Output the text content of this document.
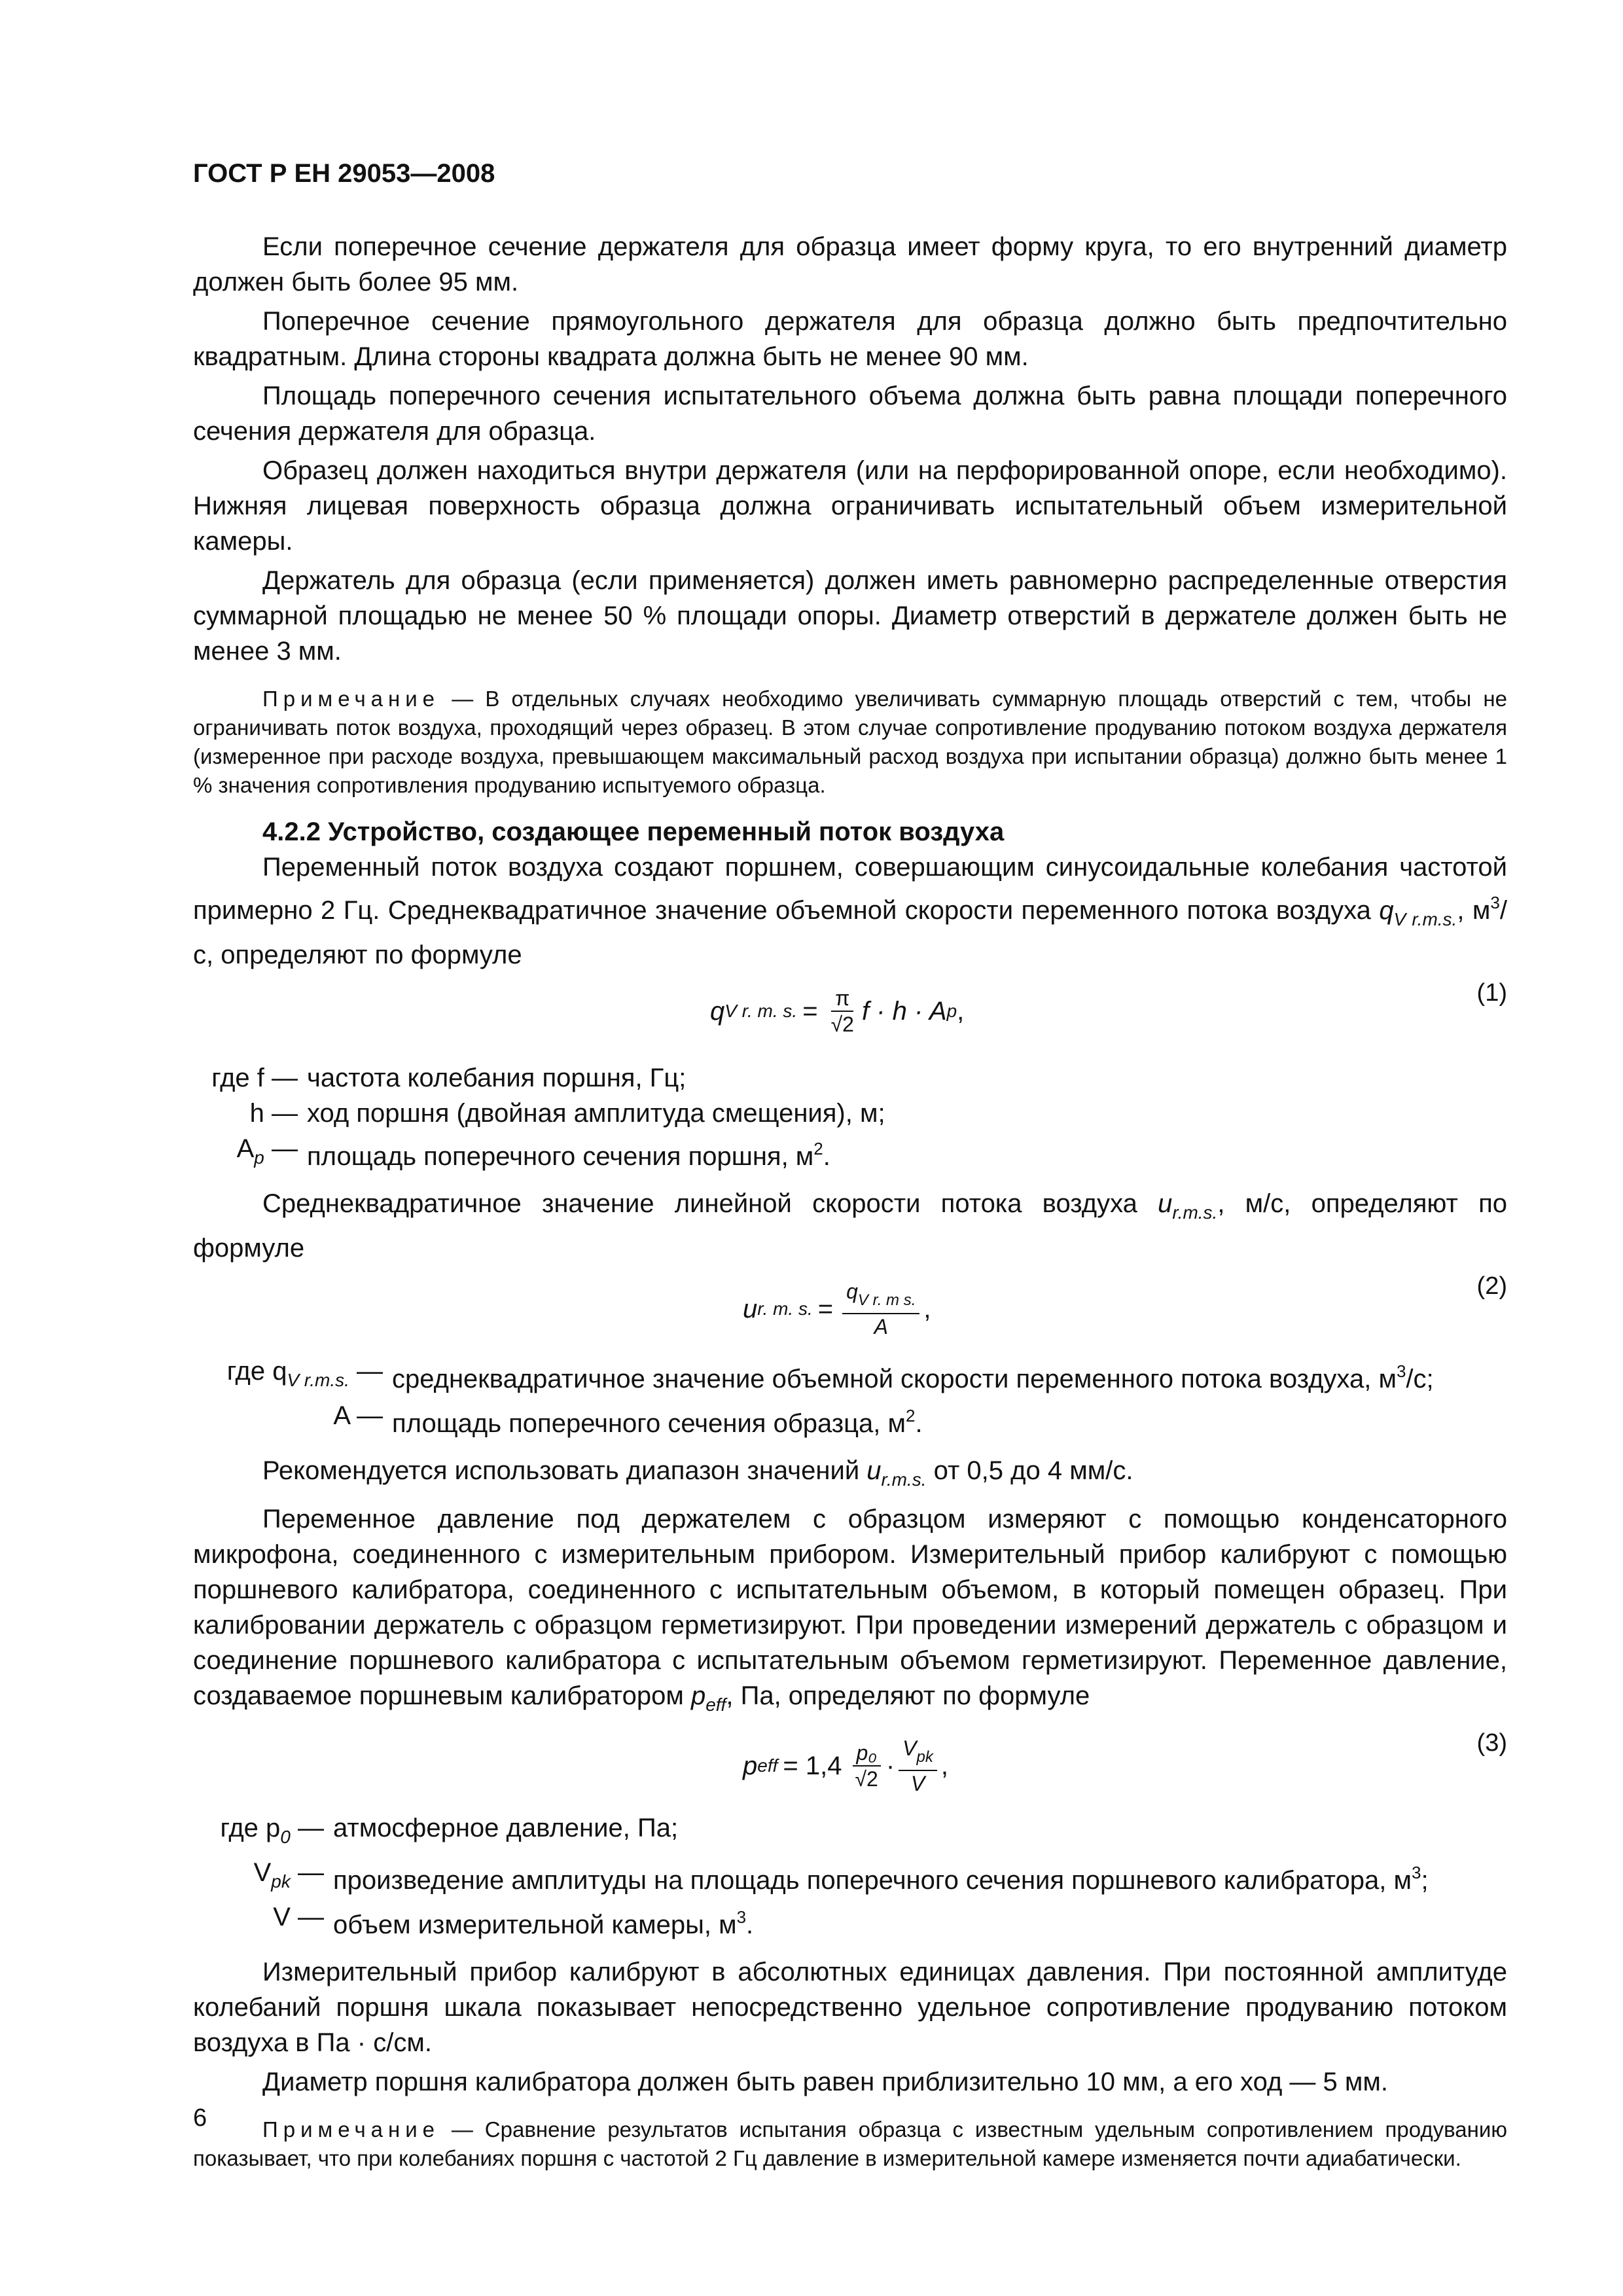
ГОСТ Р ЕН 29053—2008

Если поперечное сечение держателя для образца имеет форму круга, то его внутренний диаметр должен быть более 95 мм.

Поперечное сечение прямоугольного держателя для образца должно быть предпочтительно квадратным. Длина стороны квадрата должна быть не менее 90 мм.

Площадь поперечного сечения испытательного объема должна быть равна площади поперечного сечения держателя для образца.

Образец должен находиться внутри держателя (или на перфорированной опоре, если необходимо). Нижняя лицевая поверхность образца должна ограничивать испытательный объем измерительной камеры.

Держатель для образца (если применяется) должен иметь равномерно распределенные отверстия суммарной площадью не менее 50 % площади опоры. Диаметр отверстий в держателе должен быть не менее 3 мм.

Примечание — В отдельных случаях необходимо увеличивать суммарную площадь отверстий с тем, чтобы не ограничивать поток воздуха, проходящий через образец. В этом случае сопротивление продуванию потоком воздуха держателя (измеренное при расходе воздуха, превышающем максимальный расход воздуха при испытании образца) должно быть менее 1 % значения сопротивления продуванию испытуемого образца.

4.2.2 Устройство, создающее переменный поток воздуха

Переменный поток воздуха создают поршнем, совершающим синусоидальные колебания частотой примерно 2 Гц. Среднеквадратичное значение объемной скорости переменного потока воздуха $q_{V r.m.s.}$, $м^3/с$, определяют по формуле

q V r. m. s. = $\frac{\pi}{√2}$ f · h · A p ,
(1)
где f — частота колебания поршня, Гц;
h — ход поршня (двойная амплитуда смещения), м;
$A_p$ — площадь поперечного сечения поршня, $м^2$.

Среднеквадратичное значение линейной скорости потока воздуха $u_{r.m.s.}$, м/с, определяют по формуле

u r. m. s. = $\frac{q_{V r. m s.}}{A}$ ,
(2)
где $q_{V r.m.s.}$ — среднеквадратичное значение объемной скорости переменного потока воздуха, $м^3/с$;
A — площадь поперечного сечения образца, $м^2$.

Рекомендуется использовать диапазон значений $u_{r.m.s.}$ от 0,5 до 4 мм/с.

Переменное давление под держателем с образцом измеряют с помощью конденсаторного микрофона, соединенного с измерительным прибором. Измерительный прибор калибруют с помощью поршневого калибратора, соединенного с испытательным объемом, в который помещен образец. При калибровании держатель с образцом герметизируют. При проведении измерений держатель с образцом и соединение поршневого калибратора с испытательным объемом герметизируют. Переменное давление, создаваемое поршневым калибратором $p_{eff}$, Па, определяют по формуле

p eff = $1,4 \frac{\text{p₀}}{√2} \cdot \frac{V_{pk}}{V}$ ,
(3)
где $p_0$ — атмосферное давление, Па;
$V_{pk}$ — произведение амплитуды на площадь поперечного сечения поршневого калибратора, $м^3$;
V — объем измерительной камеры, $м^3$.

Измерительный прибор калибруют в абсолютных единицах давления. При постоянной амплитуде колебаний поршня шкала показывает непосредственно удельное сопротивление продуванию потоком воздуха в Па · с/см.

Диаметр поршня калибратора должен быть равен приблизительно 10 мм, а его ход — 5 мм.

Примечание — Сравнение результатов испытания образца с известным удельным сопротивлением продуванию показывает, что при колебаниях поршня с частотой 2 Гц давление в измерительной камере изменяется почти адиабатически.

6
